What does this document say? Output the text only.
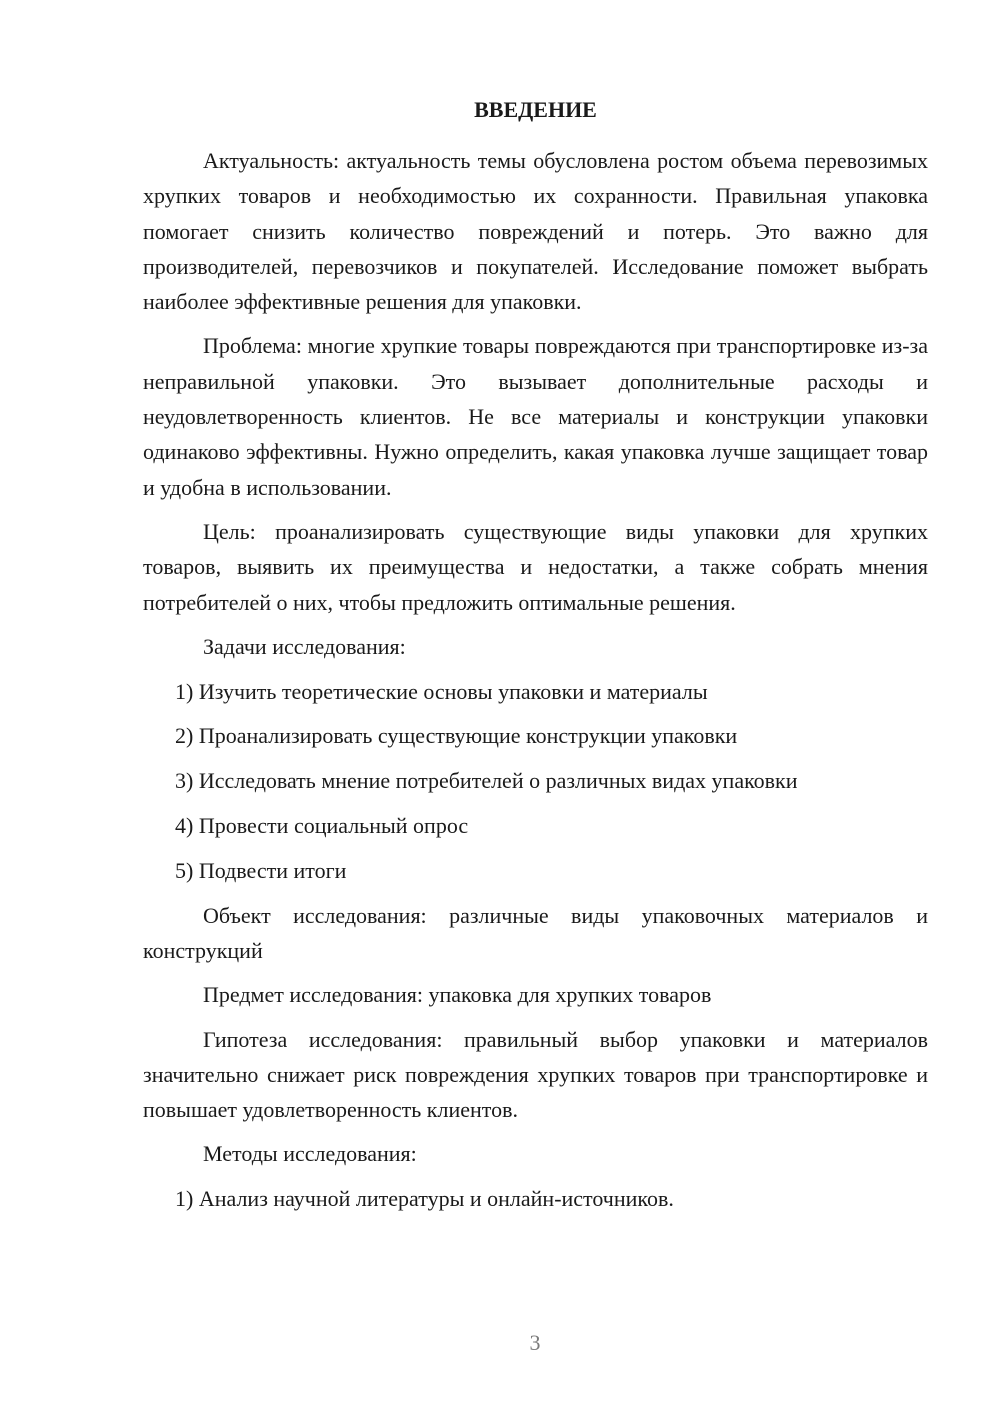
ВВЕДЕНИЕ

Актуальность: актуальность темы обусловлена ростом объема перевозимых хрупких товаров и необходимостью их сохранности. Правильная упаковка помогает снизить количество повреждений и потерь. Это важно для производителей, перевозчиков и покупателей. Исследование поможет выбрать наиболее эффективные решения для упаковки.

Проблема: многие хрупкие товары повреждаются при транспортировке из-за неправильной упаковки. Это вызывает дополнительные расходы и неудовлетворенность клиентов. Не все материалы и конструкции упаковки одинаково эффективны. Нужно определить, какая упаковка лучше защищает товар и удобна в использовании.

Цель: проанализировать существующие виды упаковки для хрупких товаров, выявить их преимущества и недостатки, а также собрать мнения потребителей о них, чтобы предложить оптимальные решения.

Задачи исследования:
1) Изучить теоретические основы упаковки и материалы
2) Проанализировать существующие конструкции упаковки
3) Исследовать мнение потребителей о различных видах упаковки
4) Провести социальный опрос
5) Подвести итоги

Объект исследования: различные виды упаковочных материалов и конструкций

Предмет исследования: упаковка для хрупких товаров

Гипотеза исследования: правильный выбор упаковки и материалов значительно снижает риск повреждения хрупких товаров при транспортировке и повышает удовлетворенность клиентов.

Методы исследования:
1) Анализ научной литературы и онлайн-источников.
3
